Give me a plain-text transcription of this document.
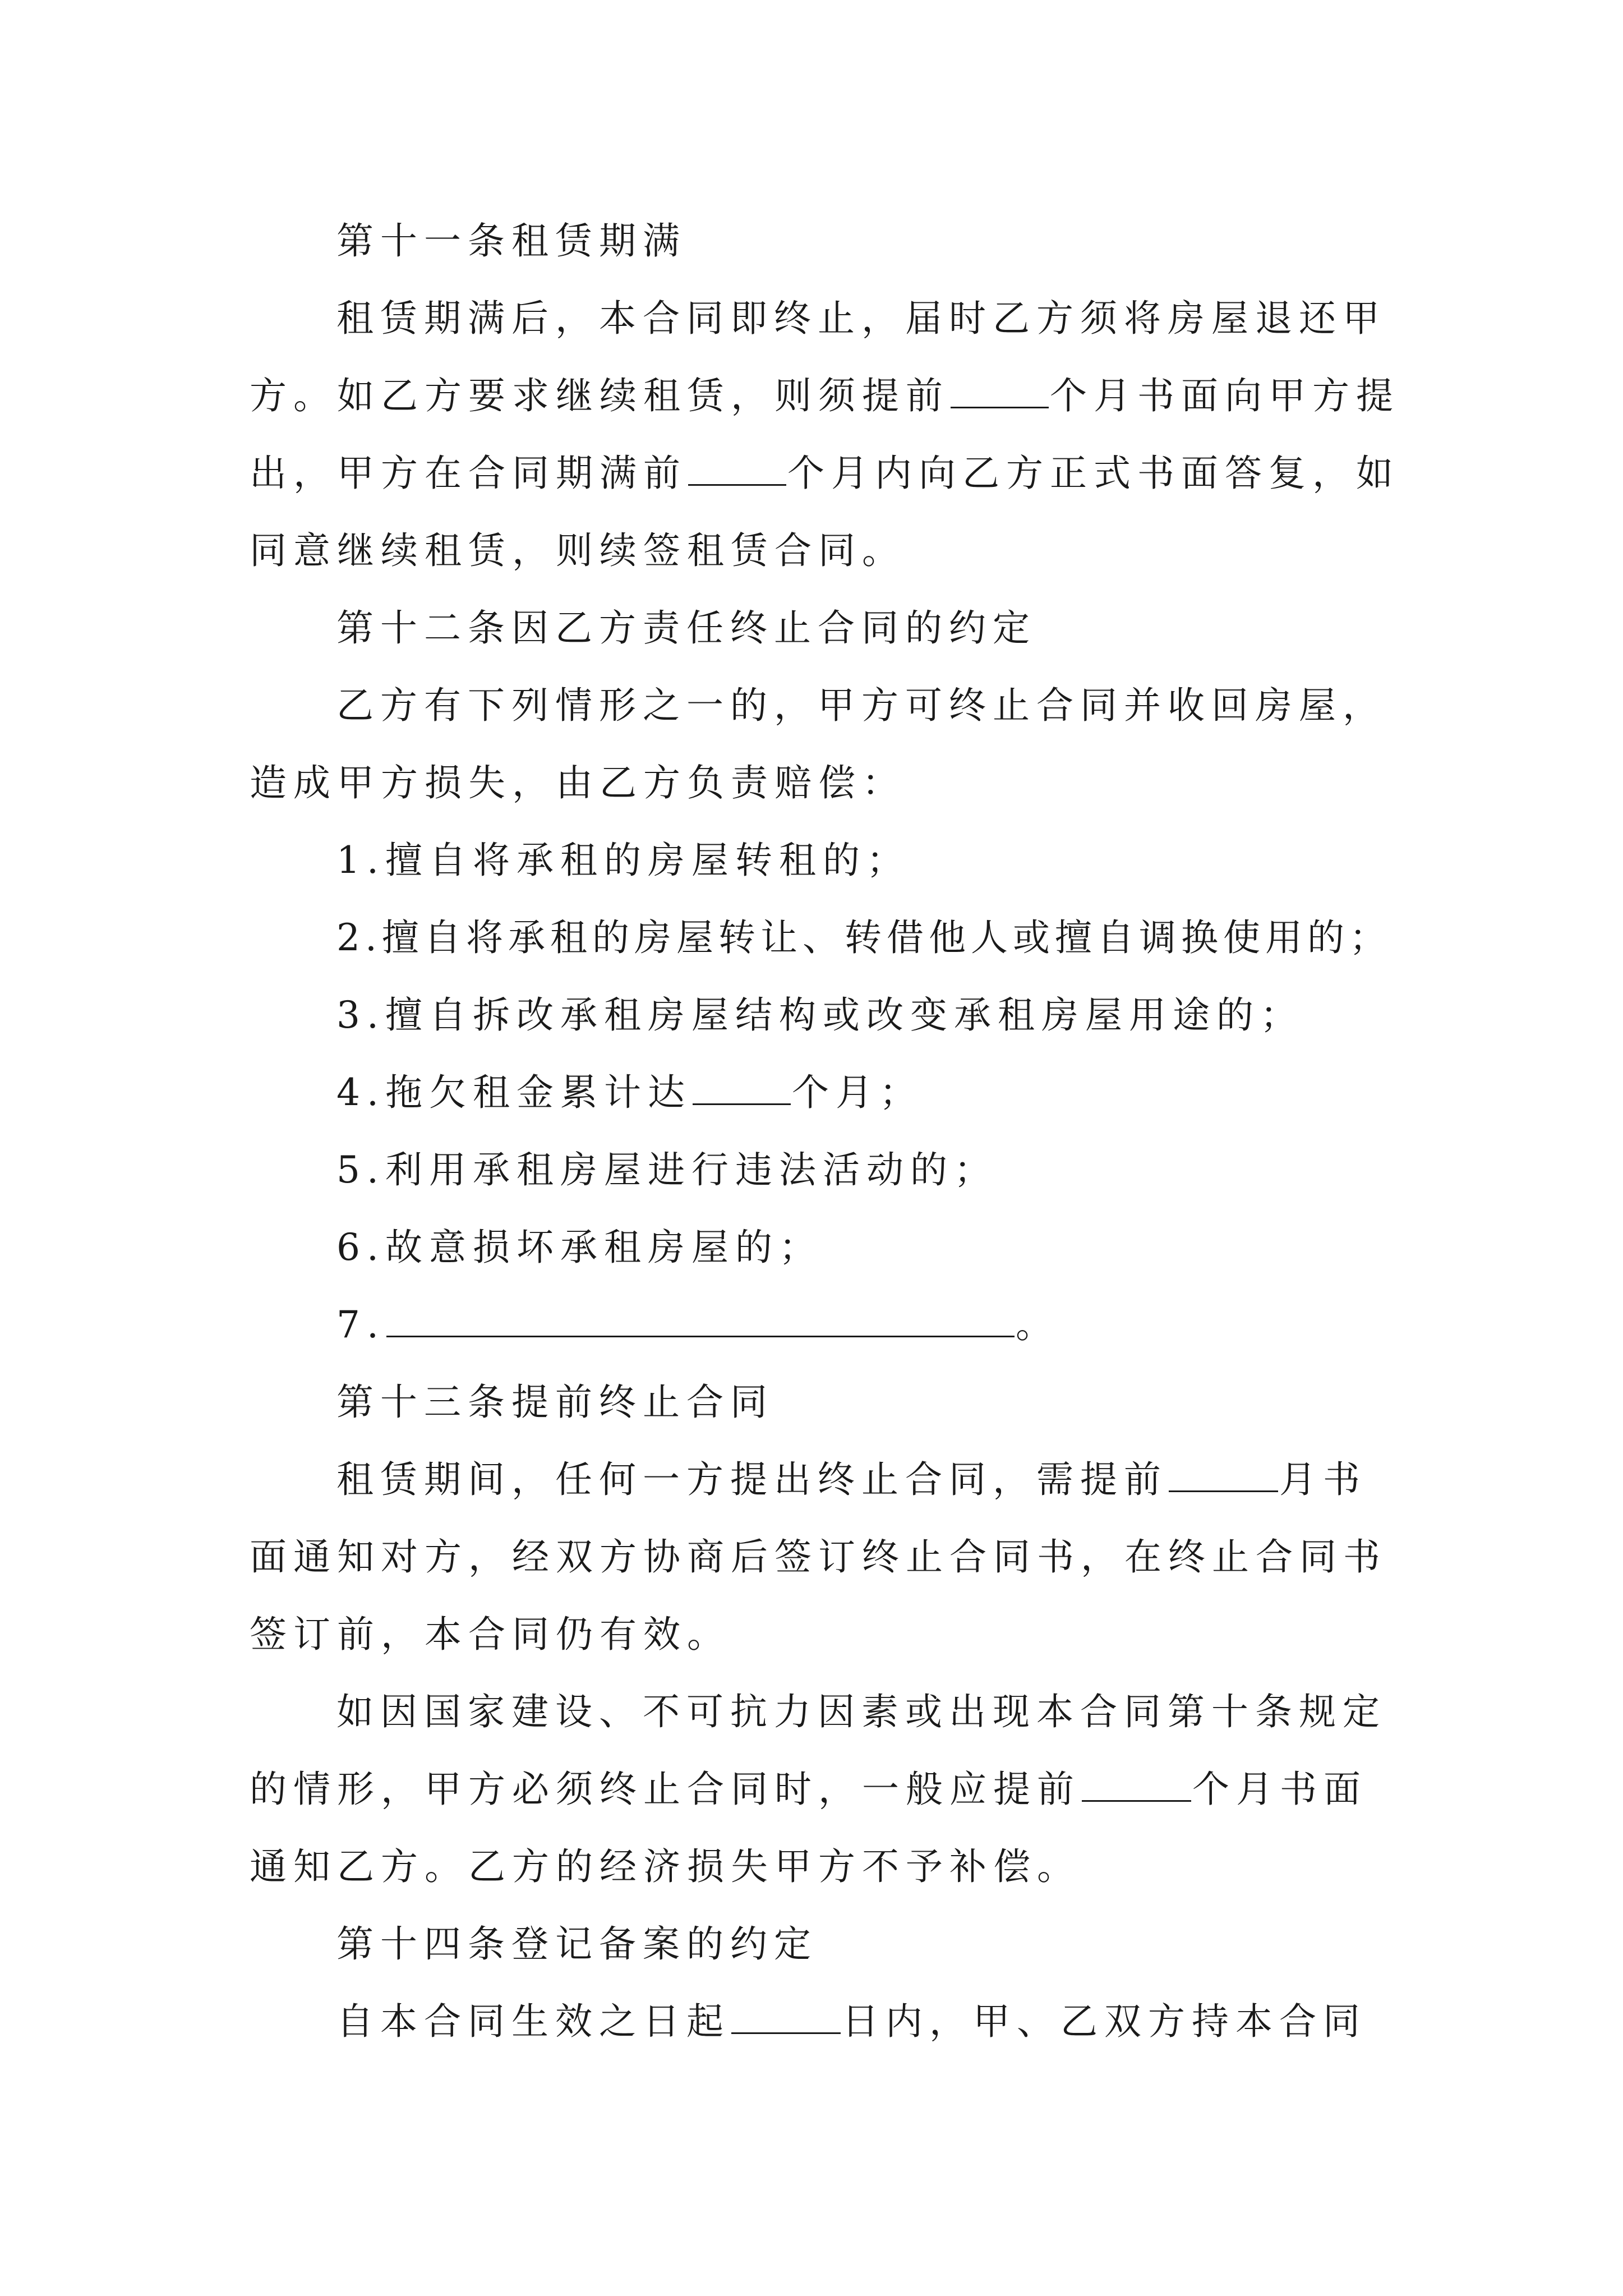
第十一条租赁期满
租赁期满后，本合同即终止，届时乙方须将房屋退还甲
方。如乙方要求继续租赁，则须提前	个月书面向甲方提
出，甲方在合同期满前	个月内向乙方正式书面答复，如
同意继续租赁，则续签租赁合同。
第十二条因乙方责任终止合同的约定
乙方有下列情形之一的，甲方可终止合同并收回房屋，
造成甲方损失，由乙方负责赔偿：
1.擅自将承租的房屋转租的；
2.擅自将承租的房屋转让、转借他人或擅自调换使用的；
3.擅自拆改承租房屋结构或改变承租房屋用途的；
4.拖欠租金累计达	个月；
5.利用承租房屋进行违法活动的；
6.故意损坏承租房屋的；
7.	。
第十三条提前终止合同
租赁期间，任何一方提出终止合同，需提前	月书
面通知对方，经双方协商后签订终止合同书，在终止合同书
签订前，本合同仍有效。
如因国家建设、不可抗力因素或出现本合同第十条规定
的情形，甲方必须终止合同时，一般应提前	个月书面
通知乙方。乙方的经济损失甲方不予补偿。
第十四条登记备案的约定
自本合同生效之日起	日内，甲、乙双方持本合同
